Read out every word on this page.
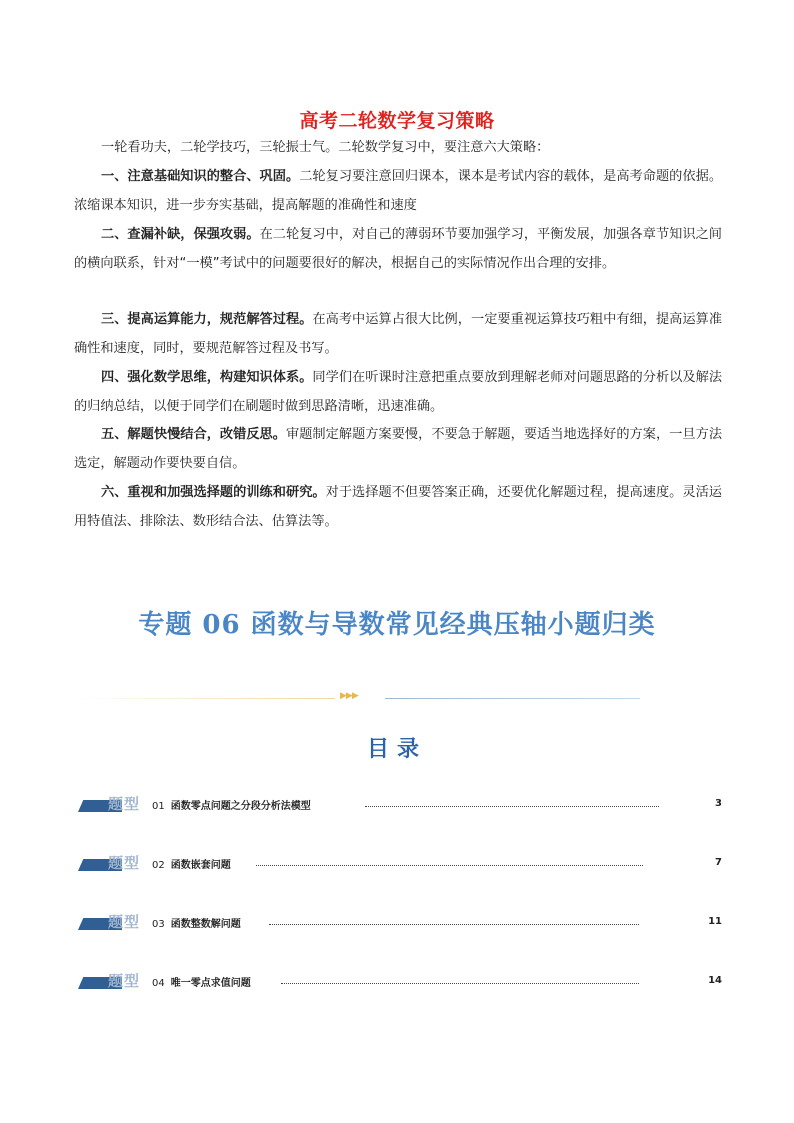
高考二轮数学复习策略

一轮看功夫，二轮学技巧，三轮振士气。二轮数学复习中，要注意六大策略：

一、注意基础知识的整合、巩固。二轮复习要注意回归课本，课本是考试内容的载体，是高考命题的依据。浓缩课本知识，进一步夯实基础，提高解题的准确性和速度

二、查漏补缺，保强攻弱。在二轮复习中，对自己的薄弱环节要加强学习，平衡发展，加强各章节知识之间的横向联系，针对“一模”考试中的问题要很好的解决，根据自己的实际情况作出合理的安排。

三、提高运算能力，规范解答过程。在高考中运算占很大比例，一定要重视运算技巧粗中有细，提高运算准确性和速度，同时，要规范解答过程及书写。

四、强化数学思维，构建知识体系。同学们在听课时注意把重点要放到理解老师对问题思路的分析以及解法的归纳总结，以便于同学们在刷题时做到思路清晰，迅速准确。

五、解题快慢结合，改错反思。审题制定解题方案要慢，不要急于解题，要适当地选择好的方案，一旦方法选定，解题动作要快要自信。

六、重视和加强选择题的训练和研究。对于选择题不但要答案正确，还要优化解题过程，提高速度。灵活运用特值法、排除法、数形结合法、估算法等。

专题 06 函数与导数常见经典压轴小题归类
▶▶▶
目录
题型 01 函数零点问题之分段分析法模型	3
题型 02 函数嵌套问题	7
题型 03 函数整数解问题	11
题型 04 唯一零点求值问题	14
